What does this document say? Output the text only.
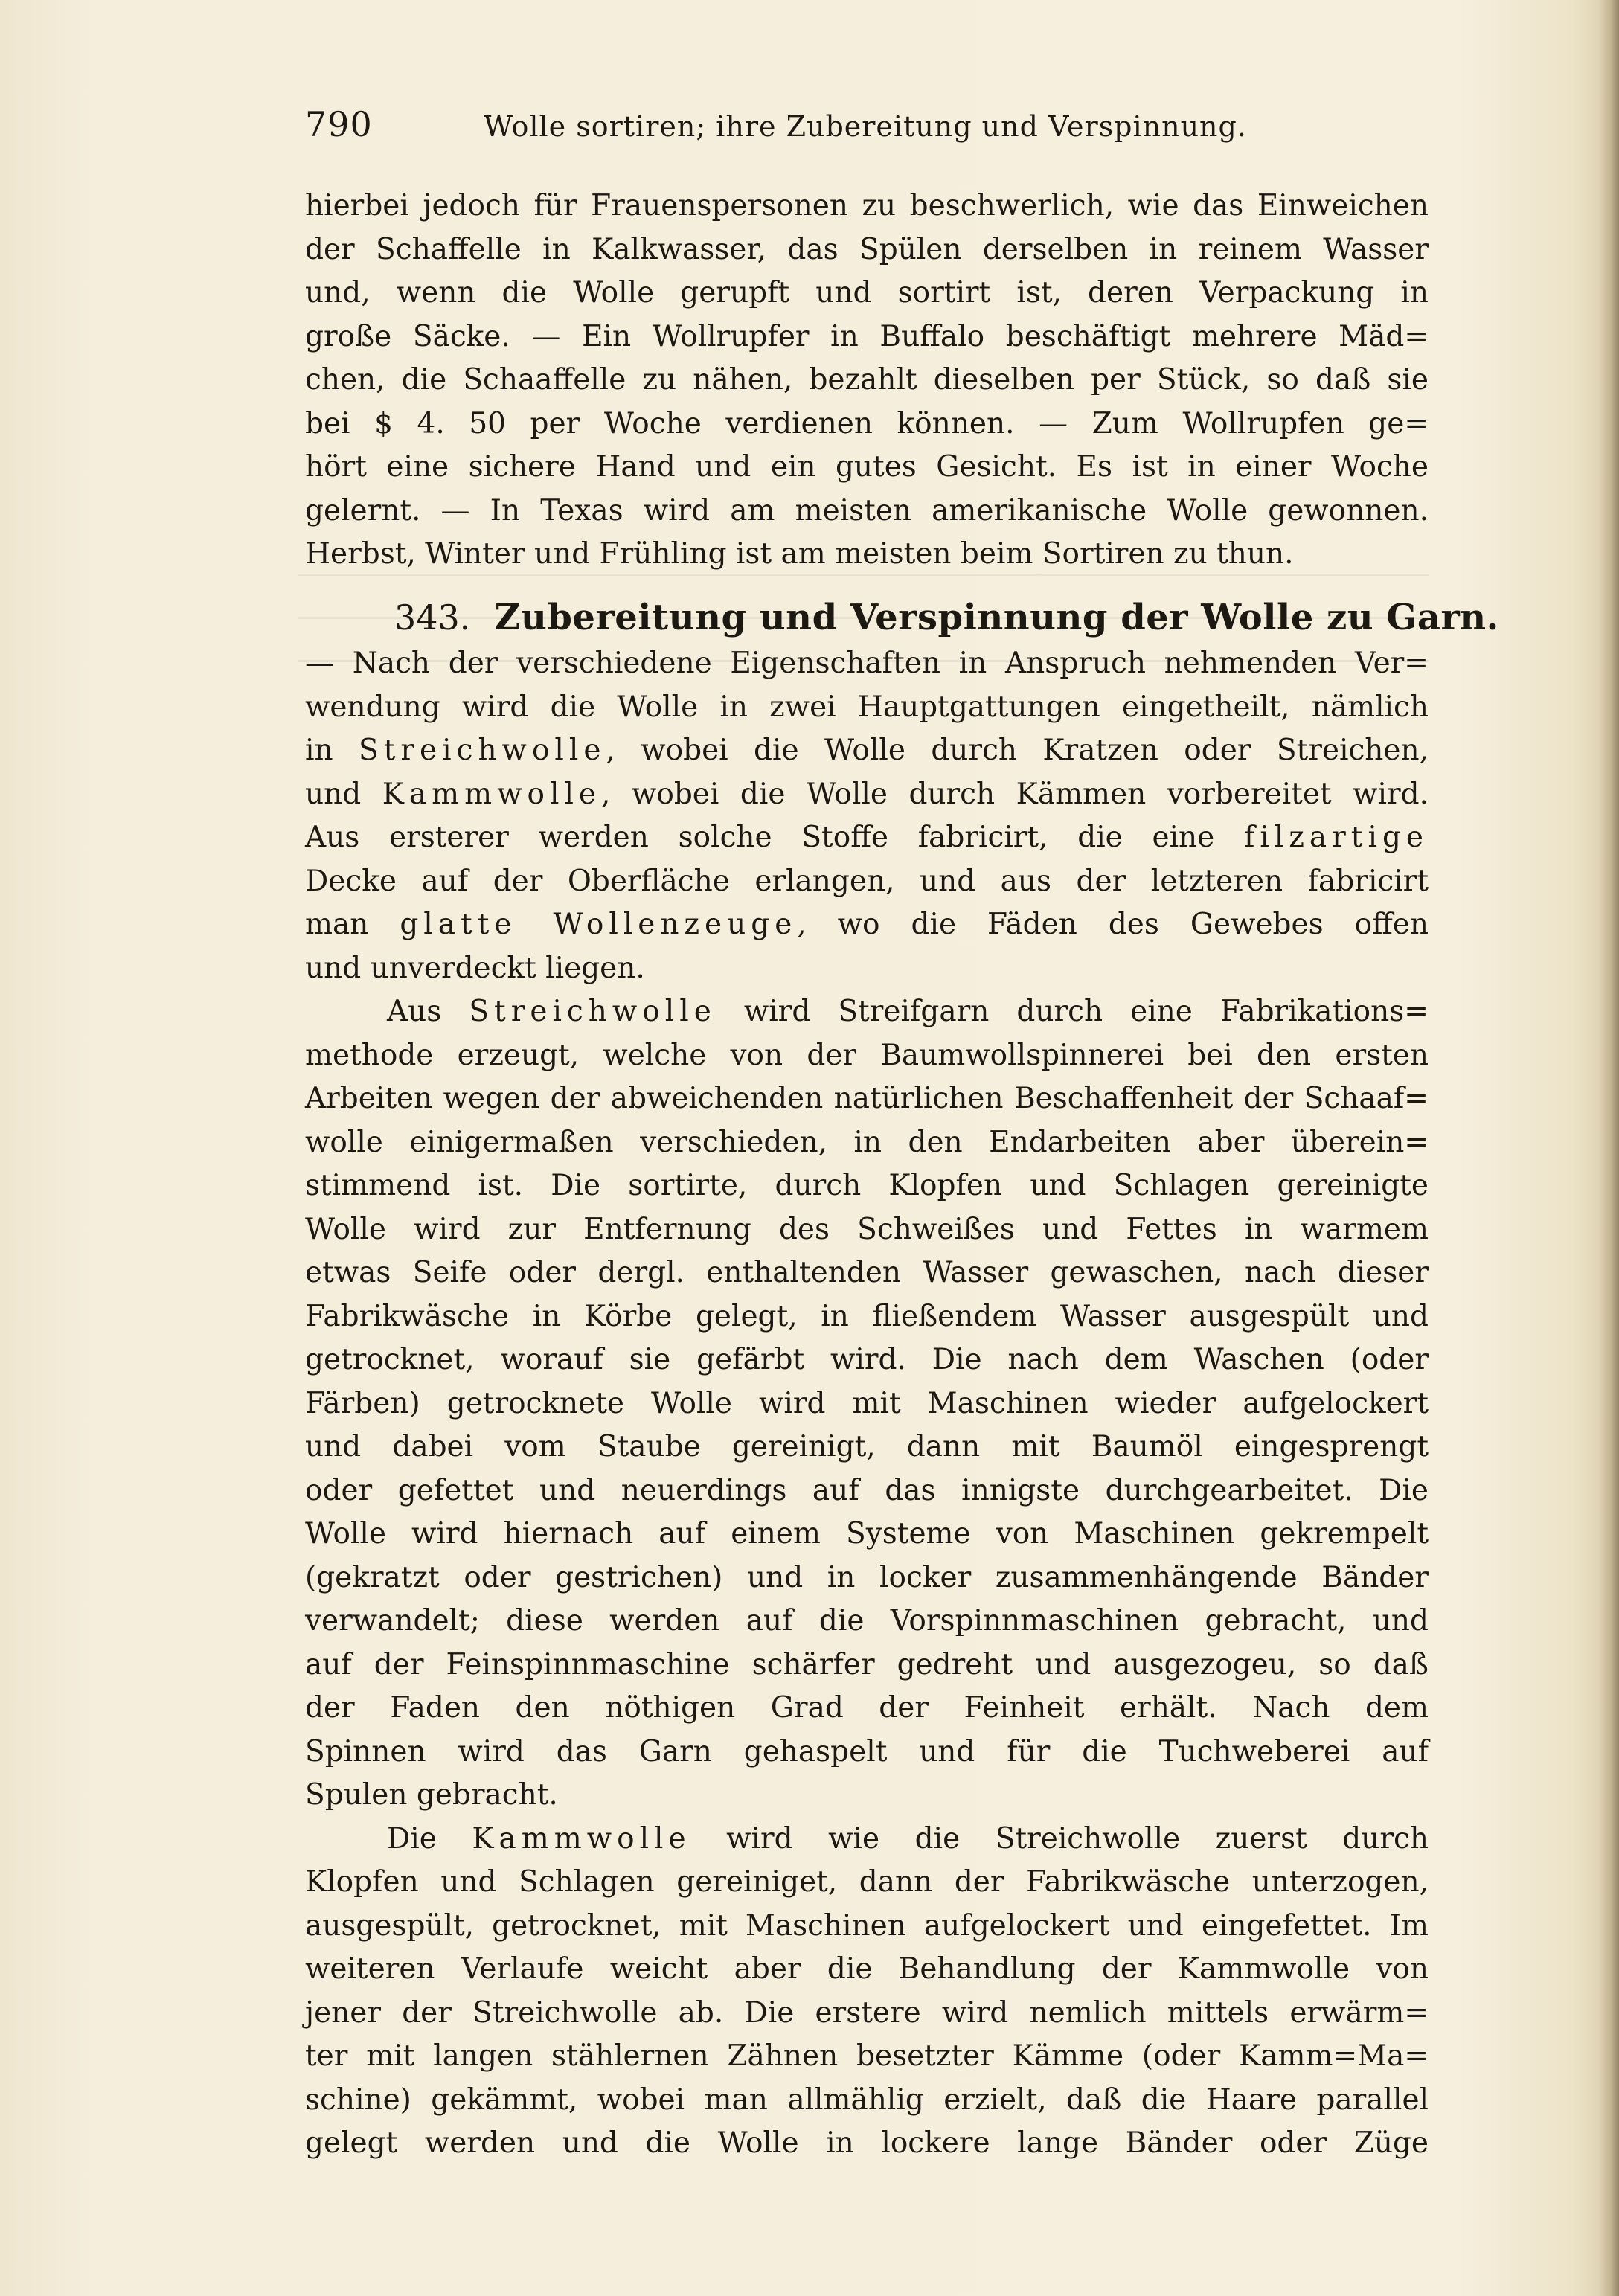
790	Wolle sortiren; ihre Zubereitung und Verspinnung.

hierbei jedoch für Frauenspersonen zu beschwerlich, wie das Einweichen
der Schaffelle in Kalkwasser, das Spülen derselben in reinem Wasser
und, wenn die Wolle gerupft und sortirt ist, deren Verpackung in
große Säcke. — Ein Wollrupfer in Buffalo beschäftigt mehrere Mäd=
chen, die Schaaffelle zu nähen, bezahlt dieselben per Stück, so daß sie
bei $ 4. 50 per Woche verdienen können. — Zum Wollrupfen ge=
hört eine sichere Hand und ein gutes Gesicht. Es ist in einer Woche
gelernt. — In Texas wird am meisten amerikanische Wolle gewonnen.
Herbst, Winter und Frühling ist am meisten beim Sortiren zu thun.

343. Zubereitung und Verspinnung der Wolle zu Garn.

— Nach der verschiedene Eigenschaften in Anspruch nehmenden Ver=
wendung wird die Wolle in zwei Hauptgattungen eingetheilt, nämlich
in Streichwolle, wobei die Wolle durch Kratzen oder Streichen,
und Kammwolle, wobei die Wolle durch Kämmen vorbereitet wird.
Aus ersterer werden solche Stoffe fabricirt, die eine filzartige
Decke auf der Oberfläche erlangen, und aus der letzteren fabricirt
man glatte Wollenzeuge, wo die Fäden des Gewebes offen
und unverdeckt liegen.

Aus Streichwolle wird Streifgarn durch eine Fabrikations=
methode erzeugt, welche von der Baumwollspinnerei bei den ersten
Arbeiten wegen der abweichenden natürlichen Beschaffenheit der Schaaf=
wolle einigermaßen verschieden, in den Endarbeiten aber überein=
stimmend ist. Die sortirte, durch Klopfen und Schlagen gereinigte
Wolle wird zur Entfernung des Schweißes und Fettes in warmem
etwas Seife oder dergl. enthaltenden Wasser gewaschen, nach dieser
Fabrikwäsche in Körbe gelegt, in fließendem Wasser ausgespült und
getrocknet, worauf sie gefärbt wird. Die nach dem Waschen (oder
Färben) getrocknete Wolle wird mit Maschinen wieder aufgelockert
und dabei vom Staube gereinigt, dann mit Baumöl eingesprengt
oder gefettet und neuerdings auf das innigste durchgearbeitet. Die
Wolle wird hiernach auf einem Systeme von Maschinen gekrempelt
(gekratzt oder gestrichen) und in locker zusammenhängende Bänder
verwandelt; diese werden auf die Vorspinnmaschinen gebracht, und
auf der Feinspinnmaschine schärfer gedreht und ausgezogeu, so daß
der Faden den nöthigen Grad der Feinheit erhält. Nach dem
Spinnen wird das Garn gehaspelt und für die Tuchweberei auf
Spulen gebracht.

Die Kammwolle wird wie die Streichwolle zuerst durch
Klopfen und Schlagen gereiniget, dann der Fabrikwäsche unterzogen,
ausgespült, getrocknet, mit Maschinen aufgelockert und eingefettet. Im
weiteren Verlaufe weicht aber die Behandlung der Kammwolle von
jener der Streichwolle ab. Die erstere wird nemlich mittels erwärm=
ter mit langen stählernen Zähnen besetzter Kämme (oder Kamm=Ma=
schine) gekämmt, wobei man allmählig erzielt, daß die Haare parallel
gelegt werden und die Wolle in lockere lange Bänder oder Züge
